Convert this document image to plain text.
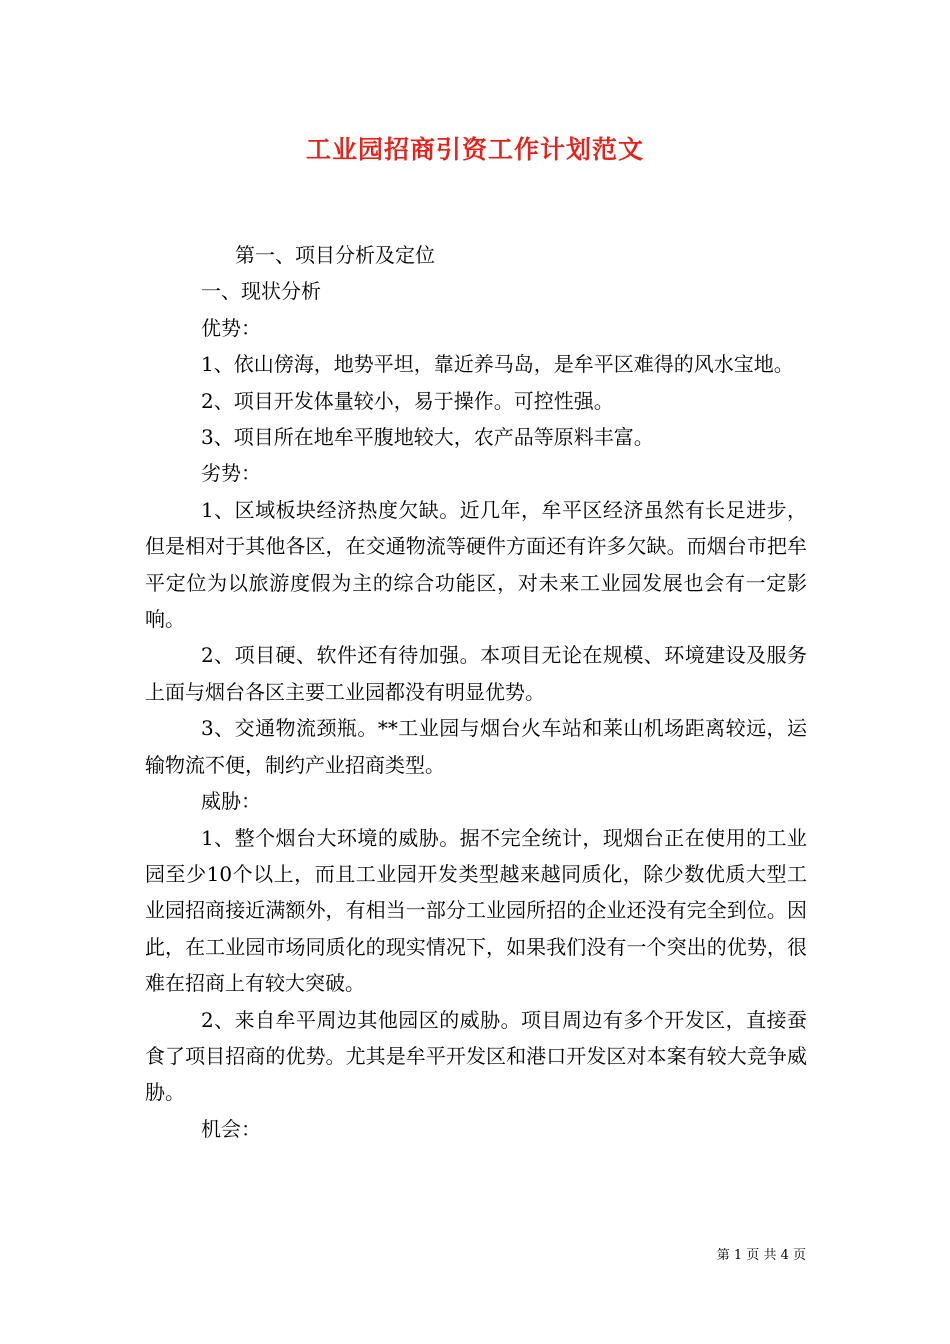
工业园招商引资工作计划范文

第一、项目分析及定位

一、现状分析

优势：

1、依山傍海，地势平坦，靠近养马岛，是牟平区难得的风水宝地。

2、项目开发体量较小，易于操作。可控性强。

3、项目所在地牟平腹地较大，农产品等原料丰富。

劣势：

1、区域板块经济热度欠缺。近几年，牟平区经济虽然有长足进步，但是相对于其他各区，在交通物流等硬件方面还有许多欠缺。而烟台市把牟平定位为以旅游度假为主的综合功能区，对未来工业园发展也会有一定影响。

2、项目硬、软件还有待加强。本项目无论在规模、环境建设及服务上面与烟台各区主要工业园都没有明显优势。

3、交通物流颈瓶。**工业园与烟台火车站和莱山机场距离较远，运输物流不便，制约产业招商类型。

威胁：

1、整个烟台大环境的威胁。据不完全统计，现烟台正在使用的工业园至少10个以上，而且工业园开发类型越来越同质化，除少数优质大型工业园招商接近满额外，有相当一部分工业园所招的企业还没有完全到位。因此，在工业园市场同质化的现实情况下，如果我们没有一个突出的优势，很难在招商上有较大突破。

2、来自牟平周边其他园区的威胁。项目周边有多个开发区，直接蚕食了项目招商的优势。尤其是牟平开发区和港口开发区对本案有较大竞争威胁。

机会：

第 1 页 共 4 页
